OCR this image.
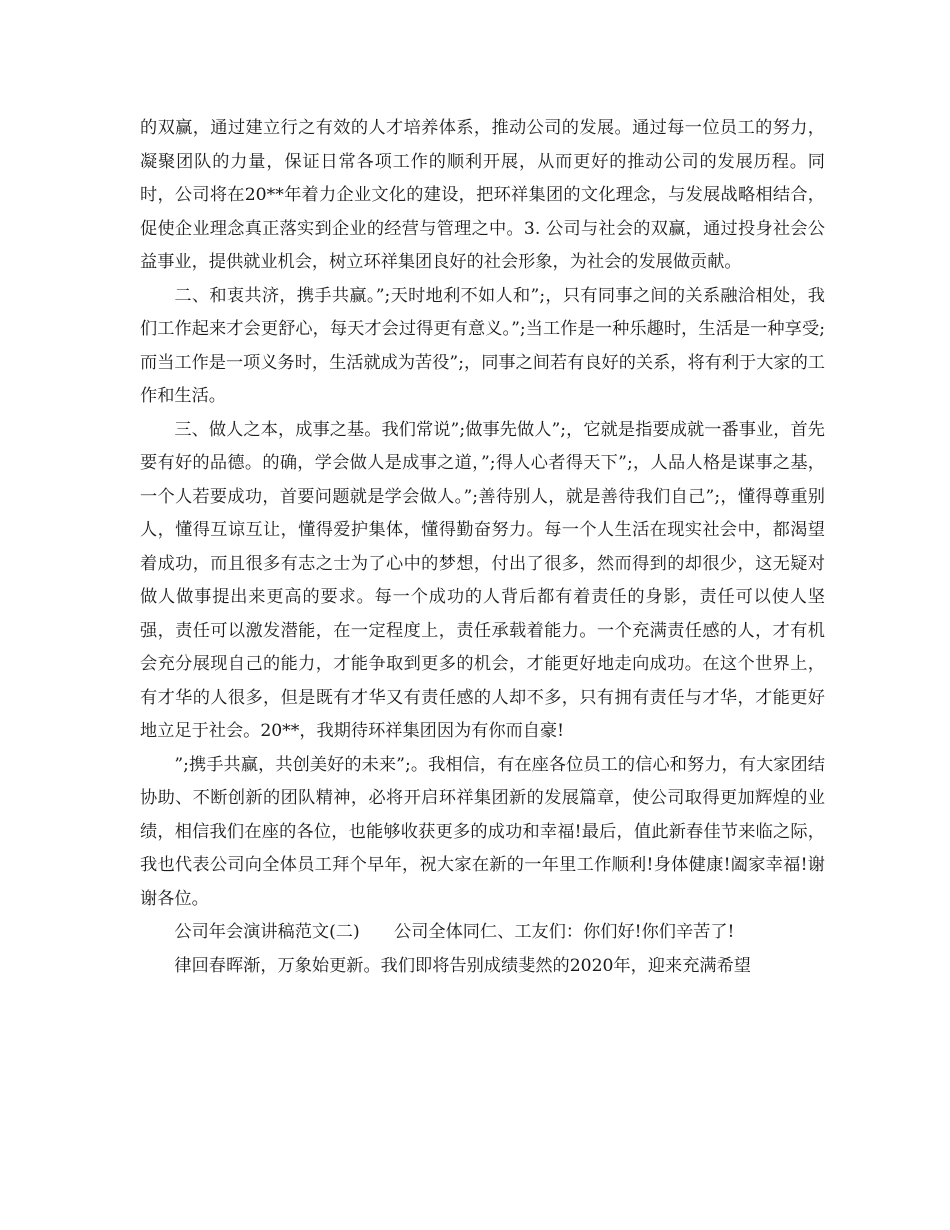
的双赢，通过建立行之有效的人才培养体系，推动公司的发展。通过每一位员工的努力，凝聚团队的力量，保证日常各项工作的顺利开展，从而更好的推动公司的发展历程。同时，公司将在20**年着力企业文化的建设，把环祥集团的文化理念，与发展战略相结合，促使企业理念真正落实到企业的经营与管理之中。3. 公司与社会的双赢，通过投身社会公益事业，提供就业机会，树立环祥集团良好的社会形象，为社会的发展做贡献。

二、和衷共济，携手共赢。”;天时地利不如人和”;，只有同事之间的关系融洽相处，我们工作起来才会更舒心，每天才会过得更有意义。”;当工作是一种乐趣时，生活是一种享受;而当工作是一项义务时，生活就成为苦役”;，同事之间若有良好的关系，将有利于大家的工作和生活。

三、做人之本，成事之基。我们常说”;做事先做人”;，它就是指要成就一番事业，首先要有好的品德。的确，学会做人是成事之道，”;得人心者得天下”;，人品人格是谋事之基，一个人若要成功，首要问题就是学会做人。”;善待别人，就是善待我们自己”;，懂得尊重别人，懂得互谅互让，懂得爱护集体，懂得勤奋努力。每一个人生活在现实社会中，都渴望着成功，而且很多有志之士为了心中的梦想，付出了很多，然而得到的却很少，这无疑对做人做事提出来更高的要求。每一个成功的人背后都有着责任的身影，责任可以使人坚强，责任可以激发潜能，在一定程度上，责任承载着能力。一个充满责任感的人，才有机会充分展现自己的能力，才能争取到更多的机会，才能更好地走向成功。在这个世界上，有才华的人很多，但是既有才华又有责任感的人却不多，只有拥有责任与才华，才能更好地立足于社会。20**，我期待环祥集团因为有你而自豪!

”;携手共赢，共创美好的未来”;。我相信，有在座各位员工的信心和努力，有大家团结协助、不断创新的团队精神，必将开启环祥集团新的发展篇章，使公司取得更加辉煌的业绩，相信我们在座的各位，也能够收获更多的成功和幸福!最后，值此新春佳节来临之际，我也代表公司向全体员工拜个早年，祝大家在新的一年里工作顺利!身体健康!阖家幸福!谢谢各位。

公司年会演讲稿范文(二)　　公司全体同仁、工友们：你们好!你们辛苦了!

律回春晖渐，万象始更新。我们即将告别成绩斐然的2020年，迎来充满希望
